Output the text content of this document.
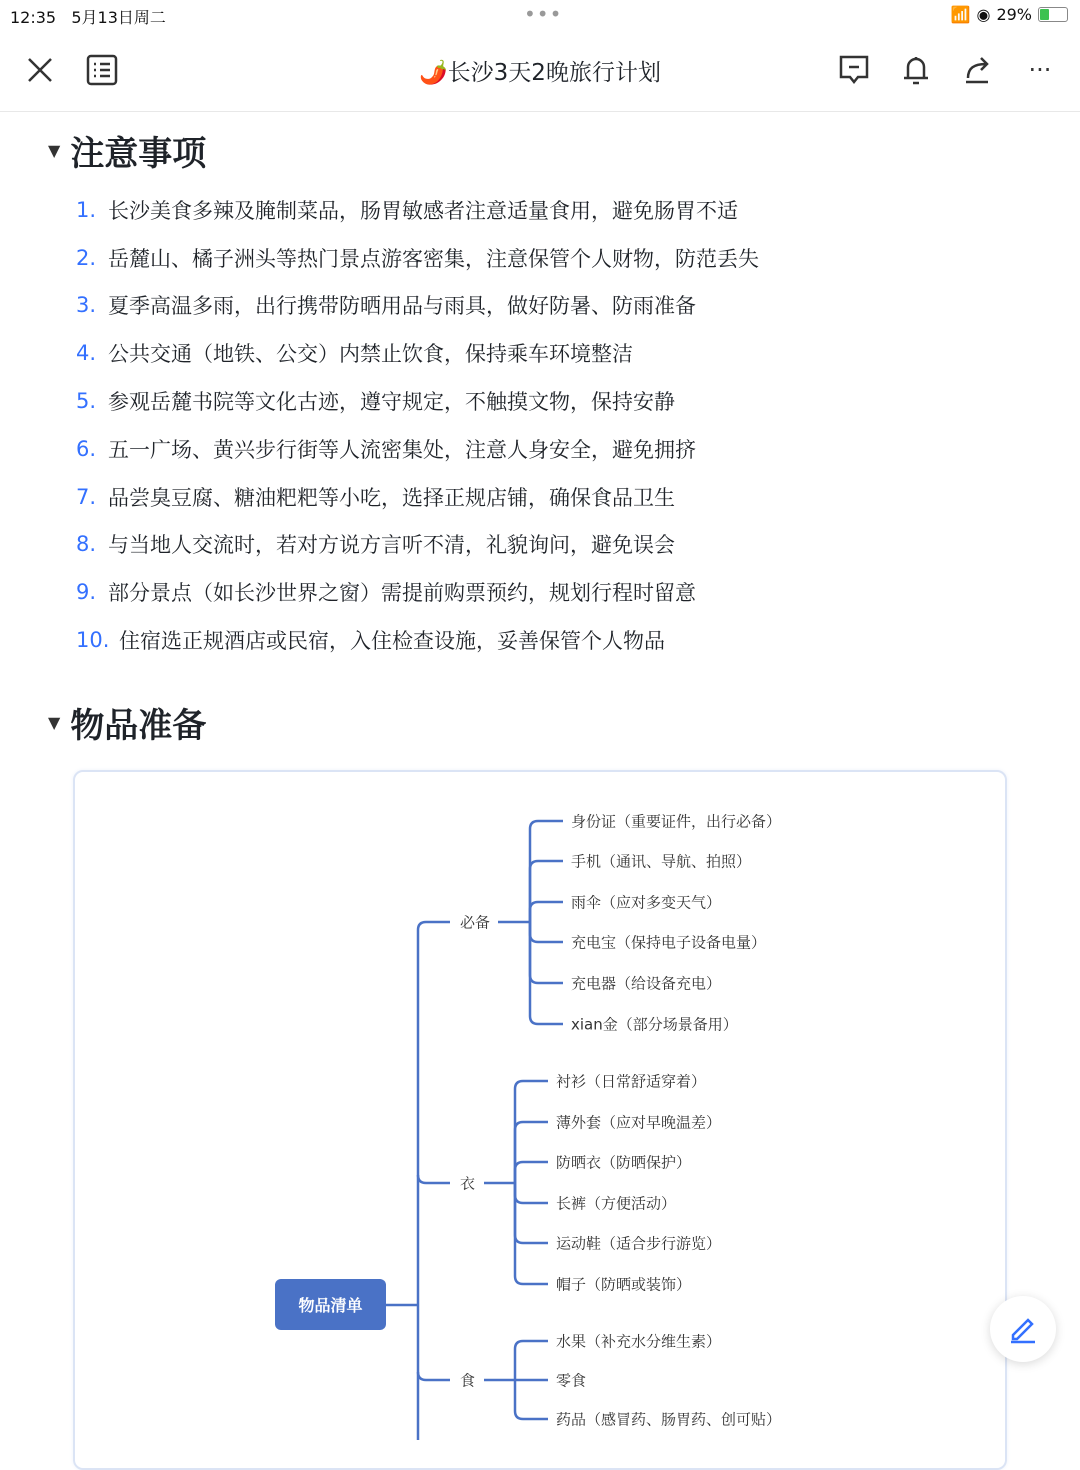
12:35 5月13日周二	•••	📶 ◉ 29%
🌶️长沙3天2晚旅行计划	···
▼ 注意事项
1. 长沙美食多辣及腌制菜品，肠胃敏感者注意适量食用，避免肠胃不适
2. 岳麓山、橘子洲头等热门景点游客密集，注意保管个人财物，防范丢失
3. 夏季高温多雨，出行携带防晒用品与雨具，做好防暑、防雨准备
4. 公共交通（地铁、公交）内禁止饮食，保持乘车环境整洁
5. 参观岳麓书院等文化古迹，遵守规定，不触摸文物，保持安静
6. 五一广场、黄兴步行街等人流密集处，注意人身安全，避免拥挤
7. 品尝臭豆腐、糖油粑粑等小吃，选择正规店铺，确保食品卫生
8. 与当地人交流时，若对方说方言听不清，礼貌询问，避免误会
9. 部分景点（如长沙世界之窗）需提前购票预约，规划行程时留意
10. 住宿选正规酒店或民宿，入住检查设施，妥善保管个人物品
▼ 物品准备
必备
身份证（重要证件，出行必备）
手机（通讯、导航、拍照）
雨伞（应对多变天气）
充电宝（保持电子设备电量）
充电器（给设备充电）
xian金（部分场景备用）
衣
衬衫（日常舒适穿着）
薄外套（应对早晚温差）
防晒衣（防晒保护）
长裤（方便活动）
运动鞋（适合步行游览）
帽子（防晒或装饰）
食
水果（补充水分维生素）
零食
药品（感冒药、肠胃药、创可贴）
物品清单
